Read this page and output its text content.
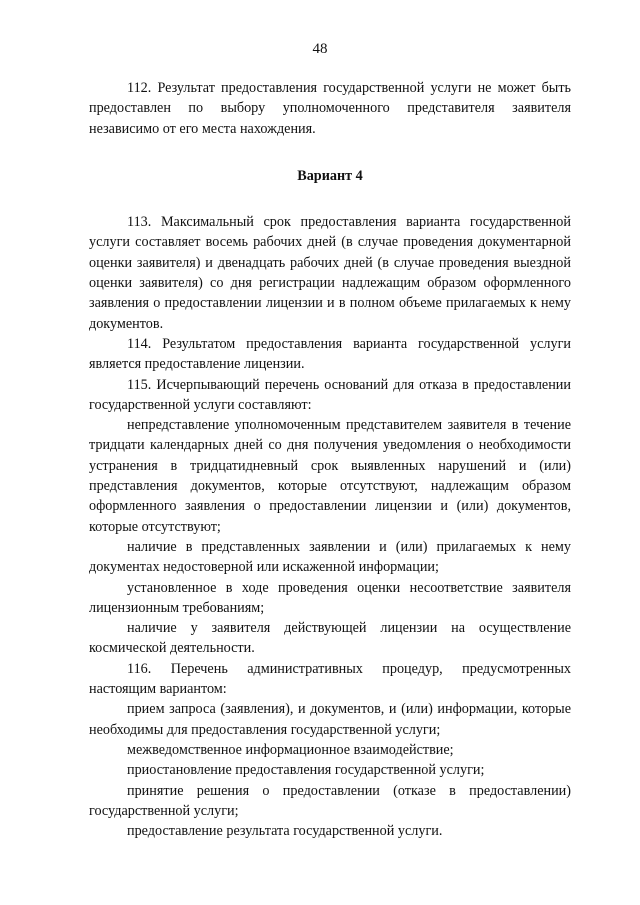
48

112. Результат предоставления государственной услуги не может быть предоставлен по выбору уполномоченного представителя заявителя независимо от его места нахождения.

Вариант 4

113. Максимальный срок предоставления варианта государственной услуги составляет восемь рабочих дней (в случае проведения документарной оценки заявителя) и двенадцать рабочих дней (в случае проведения выездной оценки заявителя) со дня регистрации надлежащим образом оформленного заявления о предоставлении лицензии и в полном объеме прилагаемых к нему документов.

114. Результатом предоставления варианта государственной услуги является предоставление лицензии.

115. Исчерпывающий перечень оснований для отказа в предоставлении государственной услуги составляют:

непредставление уполномоченным представителем заявителя в течение тридцати календарных дней со дня получения уведомления о необходимости устранения в тридцатидневный срок выявленных нарушений и (или) представления документов, которые отсутствуют, надлежащим образом оформленного заявления о предоставлении лицензии и (или) документов, которые отсутствуют;

наличие в представленных заявлении и (или) прилагаемых к нему документах недостоверной или искаженной информации;

установленное в ходе проведения оценки несоответствие заявителя лицензионным требованиям;

наличие у заявителя действующей лицензии на осуществление космической деятельности.

116. Перечень административных процедур, предусмотренных настоящим вариантом:

прием запроса (заявления), и документов, и (или) информации, которые необходимы для предоставления государственной услуги;

межведомственное информационное взаимодействие;

приостановление предоставления государственной услуги;

принятие решения о предоставлении (отказе в предоставлении) государственной услуги;

предоставление результата государственной услуги.
